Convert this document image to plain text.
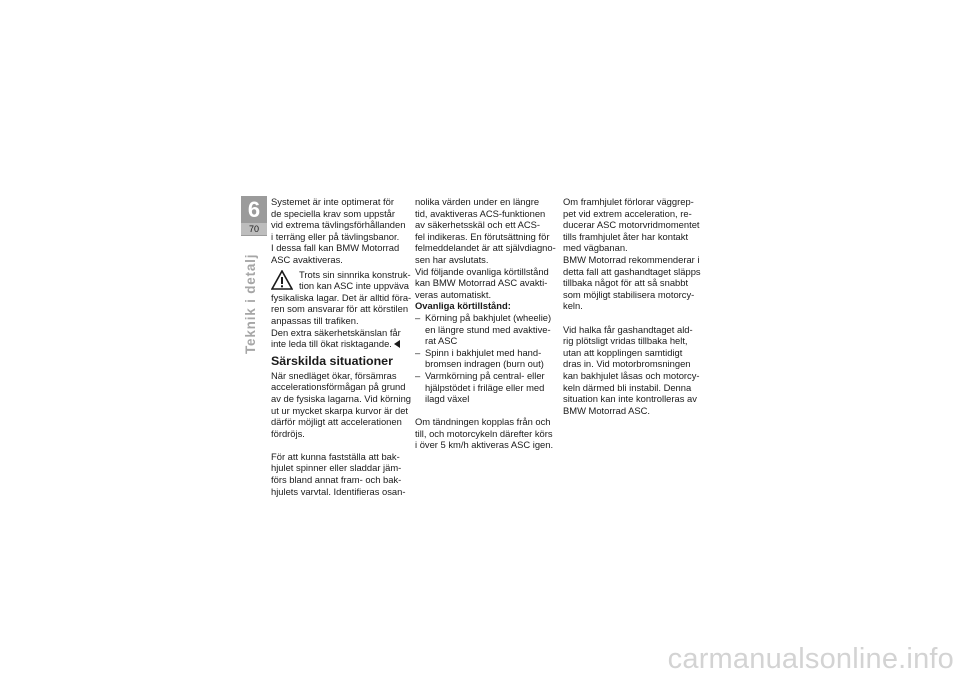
6
70
Teknik i detalj
Systemet är inte optimerat för
de speciella krav som uppstår
vid extrema tävlingsförhållanden
i terräng eller på tävlingsbanor.
I dessa fall kan BMW Motorrad
ASC avaktiveras.
Trots sin sinnrika konstruk-
tion kan ASC inte uppväva
fysikaliska lagar. Det är alltid föra-
ren som ansvarar för att körstilen
anpassas till trafiken.
Den extra säkerhetskänslan får
inte leda till ökat risktagande.
Särskilda situationer
När snedläget ökar, försämras
accelerationsförmågan på grund
av de fysiska lagarna. Vid körning
ut ur mycket skarpa kurvor är det
därför möjligt att accelerationen
fördröjs.
För att kunna fastställa att bak-
hjulet spinner eller sladdar jäm-
förs bland annat fram- och bak-
hjulets varvtal. Identifieras osan-
nolika värden under en längre
tid, avaktiveras ACS-funktionen
av säkerhetsskäl och ett ACS-
fel indikeras. En förutsättning för
felmeddelandet är att självdiagno-
sen har avslutats.
Vid följande ovanliga körtillstånd
kan BMW Motorrad ASC avakti-
veras automatiskt.
Ovanliga körtillstånd:
– Körning på bakhjulet (wheelie)
en längre stund med avaktive-
rat ASC
– Spinn i bakhjulet med hand-
bromsen indragen (burn out)
– Varmkörning på central- eller
hjälpstödet i friläge eller med
ilagd växel
Om tändningen kopplas från och
till, och motorcykeln därefter körs
i över 5 km/h aktiveras ASC igen.
Om framhjulet förlorar väggrep-
pet vid extrem acceleration, re-
ducerar ASC motorvridmomentet
tills framhjulet åter har kontakt
med vägbanan.
BMW Motorrad rekommenderar i
detta fall att gashandtaget släpps
tillbaka något för att så snabbt
som möjligt stabilisera motorcy-
keln.
Vid halka får gashandtaget ald-
rig plötsligt vridas tillbaka helt,
utan att kopplingen samtidigt
dras in. Vid motorbromsningen
kan bakhjulet låsas och motorcy-
keln därmed bli instabil. Denna
situation kan inte kontrolleras av
BMW Motorrad ASC.
carmanualsonline.info
